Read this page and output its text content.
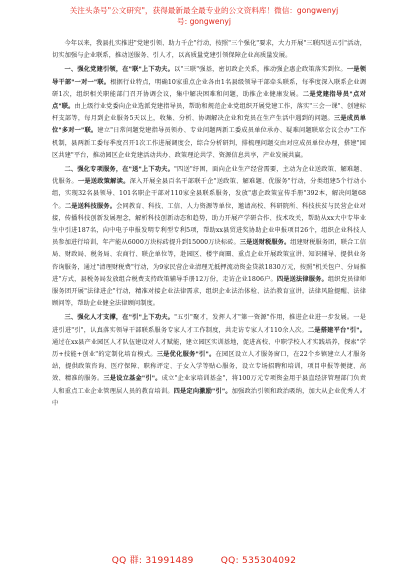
关注头条号"公文研究"，获得最新最全最专业的公文资料库！微信：gongwenyj
号: gongwenyj

今年以来，我县扎实推进"党建引领、助力千企"行动，按照"三个强化"要求，大力开展"三联四送五引"活动，切实加强与企业联系，推动送服务、引人才，以高质量党建引领保障企业高质量发展。

一、强化党建引领，在"联"上下功夫。以"三联"强基，密切政企关系，推动强企惠企政策落实到位。一是领导干部"一对一"联。根据行业特点，明确10家重点企业各由1名县级领导干部牵头联系，每季度深入联系企业调研1次，组织相关职能部门召开协调会议，集中解决困难和问题，助推企业健康发展。二是党建指导员"点对点"联。由上级行业党委向企业选派党建指导员，帮助和规范企业党组织开展党建工作，落实"三会一课"、创建标杆支部等，每月到企业服务5天以上，收集、分析、协调解决企业和党员在生产生活中遇到的问题。三是成员单位"多对一"联。建立"日常问题党建指导员领办、专业问题两新工委成员单位承办、疑难问题联席会议会办"工作机制，县两新工委每季度召开1次工作进展调度会，综合分析研判，排梳理问题交由对应成员单位办理，搭建"园区共建"平台，推动园区企业党建活动共办、政策理论共学、资源信息共享，产业发展共赢。

二、强化专项服务，在"送"上下功夫。"四送"纾困，面向企业生产经营需要，主动为企业送政策、解难题、优服务。一是送政策解读。深入开展全县百名干部联千企"送政策、解难题、优服务"行动，分类组建5个行动小组，实现32名县领导、101名职企干部对110家全县联系服务，发放"惠企政策宣传手册"392本，解决问题68个。二是送科技服务。会同教育、科技、工信、人力资源等单位，邀请高校、科研院所、科技扶贫与民营企业对接，传播科技创新发展理念，解析科技创新动态和趋势，助力开展产学研合作、技术攻关，帮助从xx大中专毕业生中引进187名，向中电子申报发明专利型专利5项，帮助xx县贸进奖协助企业申报项目26个，组织企业科技人员参加进行培训，年产能从6000万块标砖提升到15000万块标砖。三是送财税服务。组建财税服务团，联合工信局、财政局、税务局、农商行、联企单位等，赴园区、楼宇商圈、重点企业开展政策宣讲、知识辅导、提供业务咨询服务，通过"清理财税费"行动，为9家民营企业清理无抵押流动资金贷款1830万元，按照"机关包户、分局推进"方式，县税务局发放组合税费支持政策辅导手册12万份，走访企业1806户。四是送法律服务。组织党员律师服务团开展"法律进企"行动，精准对接企业法律需求，组织企业法治体检、法治教育宣讲，法律风险提醒、法律顾问等，帮助企业健全法律顾问制度。

三、强化人才支撑，在"引"上下功夫。"五引"聚才，发挥人才"第一资源"作用，推进企业进一步发展。一是进引进"引"，认真落实领导干部联系服务专家人才工作制度，共走访专家人才110余人次。二是搭建平台"引"。通过在xx县产业园区人才队伍建设对人才赋能，建立园区实训基地，促进高校、中职学校人才实践培养，探索"学历+技能+创业"的定制化培育模式。三是优化服务"引"。在园区设立人才服务窗口，在22个乡镇建立人才服务站，提供政策咨询、医疗保障、职称评定、子女入学等贴心服务，设立专场招聘和培训，项目申报等便捷、高效、精准的服务。三是设立基金"引"。成立"企业家培训基金"，将100万元专项资金用于县直经济管理部门负责人和重点工业企业管理层人员的教育培训。四是定向激励"引"。加强政治引领和政治吸纳，加大从企业优秀人才中

QQ 群: 31991489	QQ: 535304092
